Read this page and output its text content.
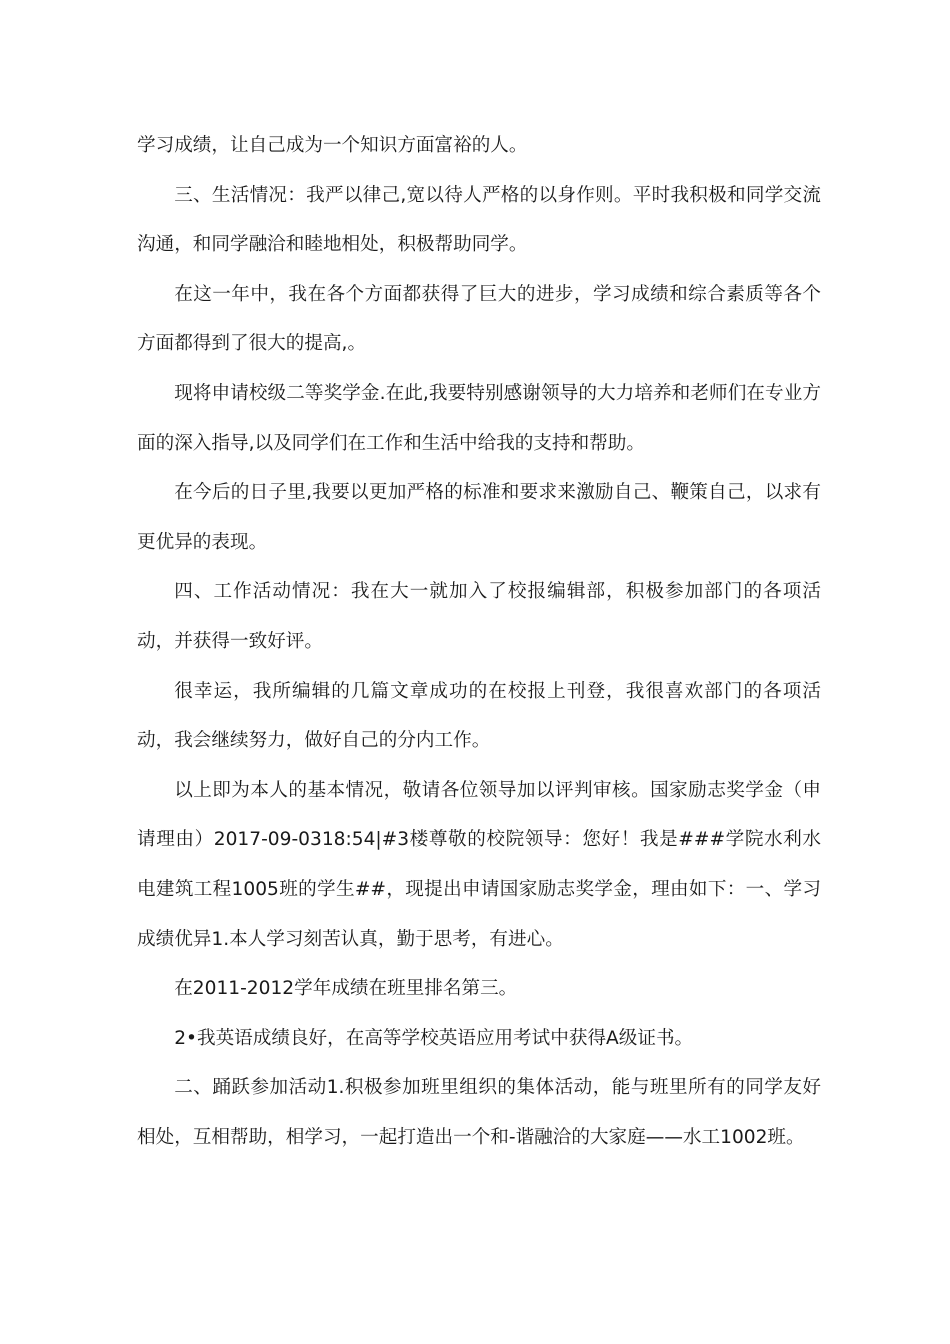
学习成绩，让自己成为一个知识方面富裕的人。

三、生活情况：我严以律己,宽以待人严格的以身作则。平时我积极和同学交流沟通，和同学融洽和睦地相处，积极帮助同学。

在这一年中，我在各个方面都获得了巨大的进步，学习成绩和综合素质等各个方面都得到了很大的提高,。

现将申请校级二等奖学金.在此,我要特别感谢领导的大力培养和老师们在专业方面的深入指导,以及同学们在工作和生活中给我的支持和帮助。

在今后的日子里,我要以更加严格的标准和要求来激励自己、鞭策自己，以求有更优异的表现。

四、工作活动情况：我在大一就加入了校报编辑部，积极参加部门的各项活动，并获得一致好评。

很幸运，我所编辑的几篇文章成功的在校报上刊登，我很喜欢部门的各项活动，我会继续努力，做好自己的分内工作。

以上即为本人的基本情况，敬请各位领导加以评判审核。国家励志奖学金（申请理由）2017-09-0318:54|#3楼尊敬的校院领导：您好！我是###学院水利水电建筑工程1005班的学生##，现提出申请国家励志奖学金，理由如下：一、学习成绩优异1.本人学习刻苦认真，勤于思考，有进心。

在2011-2012学年成绩在班里排名第三。

2•我英语成绩良好，在高等学校英语应用考试中获得A级证书。

二、踊跃参加活动1.积极参加班里组织的集体活动，能与班里所有的同学友好相处，互相帮助，相学习，一起打造出一个和-谐融洽的大家庭——水工1002班。
